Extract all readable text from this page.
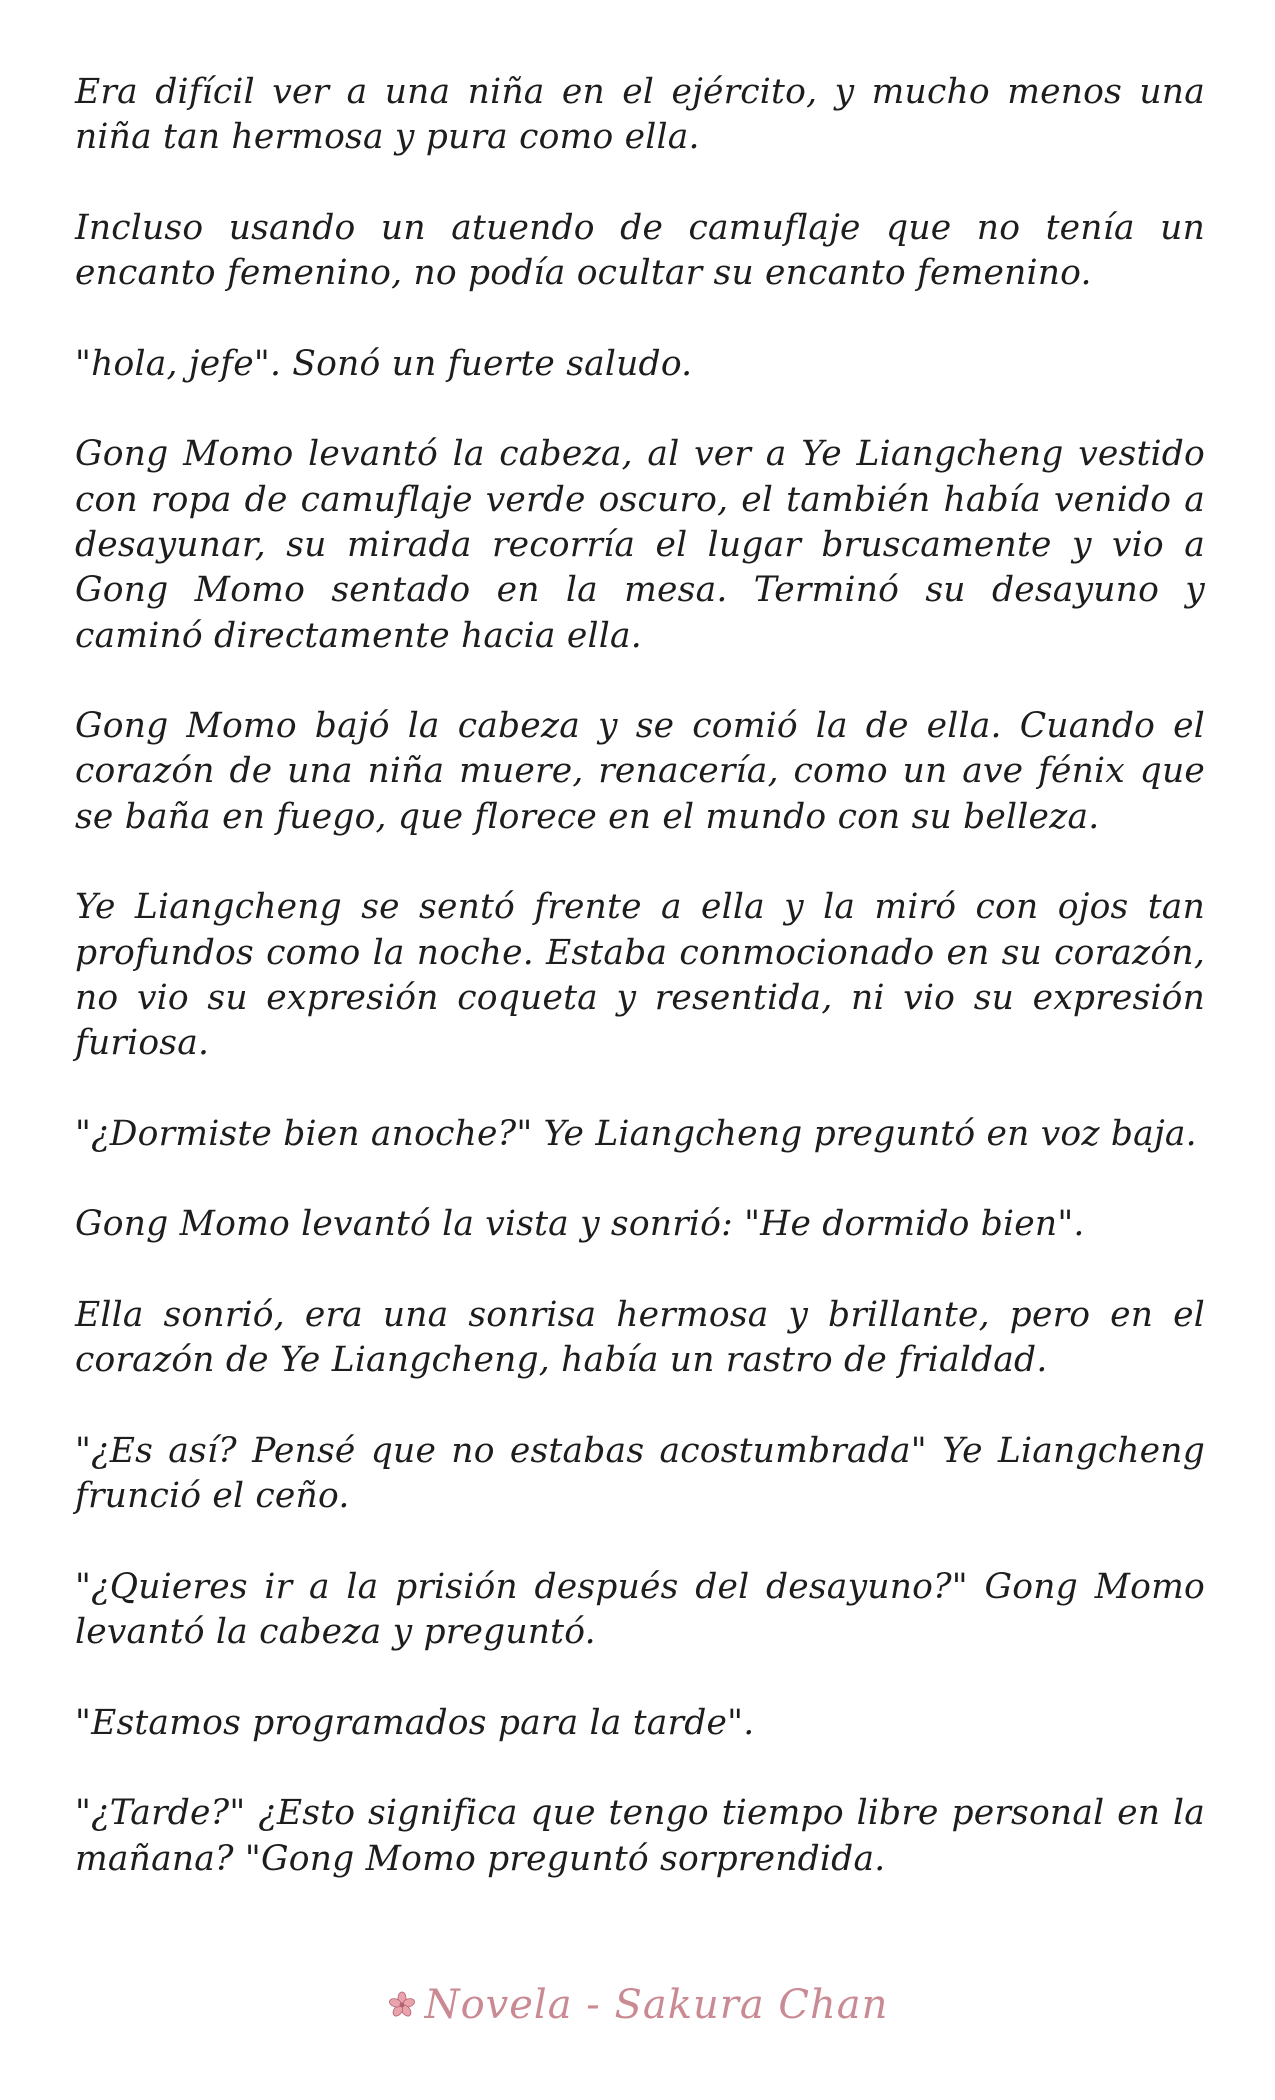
Era difícil ver a una niña en el ejército, y mucho menos una niña tan hermosa y pura como ella.

Incluso usando un atuendo de camuflaje que no tenía un encanto femenino, no podía ocultar su encanto femenino.

"hola, jefe". Sonó un fuerte saludo.

Gong Momo levantó la cabeza, al ver a Ye Liangcheng vestido con ropa de camuflaje verde oscuro, el también había venido a desayunar, su mirada recorría el lugar bruscamente y vio a Gong Momo sentado en la mesa. Terminó su desayuno y caminó directamente hacia ella.

Gong Momo bajó la cabeza y se comió la de ella. Cuando el corazón de una niña muere, renacería, como un ave fénix que se baña en fuego, que florece en el mundo con su belleza.

Ye Liangcheng se sentó frente a ella y la miró con ojos tan profundos como la noche. Estaba conmocionado en su corazón, no vio su expresión coqueta y resentida, ni vio su expresión furiosa.

"¿Dormiste bien anoche?" Ye Liangcheng preguntó en voz baja.

Gong Momo levantó la vista y sonrió: "He dormido bien".

Ella sonrió, era una sonrisa hermosa y brillante, pero en el corazón de Ye Liangcheng, había un rastro de frialdad.

"¿Es así? Pensé que no estabas acostumbrada" Ye Liangcheng frunció el ceño.

"¿Quieres ir a la prisión después del desayuno?" Gong Momo levantó la cabeza y preguntó.

"Estamos programados para la tarde".

"¿Tarde?" ¿Esto significa que tengo tiempo libre personal en la mañana? "Gong Momo preguntó sorprendida.

Novela - Sakura Chan
